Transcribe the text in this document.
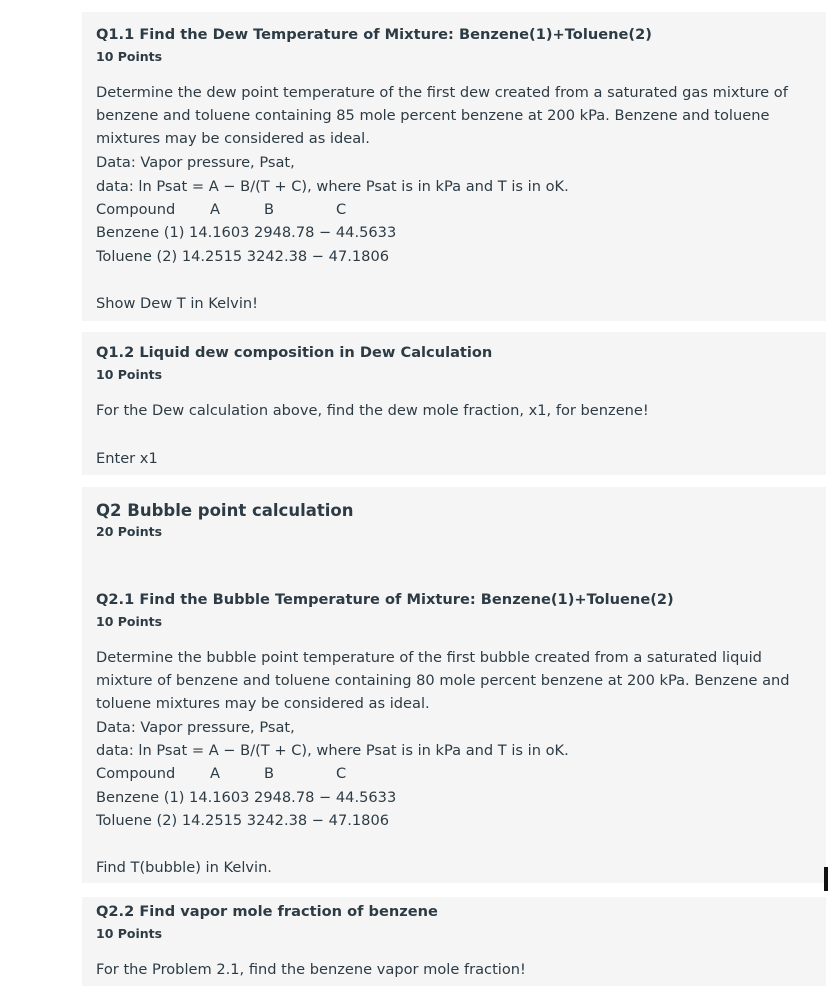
Q1.1 Find the Dew Temperature of Mixture: Benzene(1)+Toluene(2)
10 Points
Determine the dew point temperature of the first dew created from a saturated gas mixture of
benzene and toluene containing 85 mole percent benzene at 200 kPa. Benzene and toluene
mixtures may be considered as ideal.
Data: Vapor pressure, Psat,
data: ln Psat = A − B/(T + C), where Psat is in kPa and T is in oK.
Compound A	B	C
Benzene (1) 14.1603 2948.78 − 44.5633
Toluene (2) 14.2515 3242.38 − 47.1806
Show Dew T in Kelvin!
Q1.2 Liquid dew composition in Dew Calculation
10 Points
For the Dew calculation above, find the dew mole fraction, x1, for benzene!
Enter x1
Q2 Bubble point calculation
20 Points
Q2.1 Find the Bubble Temperature of Mixture: Benzene(1)+Toluene(2)
10 Points
Determine the bubble point temperature of the first bubble created from a saturated liquid
mixture of benzene and toluene containing 80 mole percent benzene at 200 kPa. Benzene and
toluene mixtures may be considered as ideal.
Data: Vapor pressure, Psat,
data: ln Psat = A − B/(T + C), where Psat is in kPa and T is in oK.
Compound A	B	C
Benzene (1) 14.1603 2948.78 − 44.5633
Toluene (2) 14.2515 3242.38 − 47.1806
Find T(bubble) in Kelvin.
Q2.2 Find vapor mole fraction of benzene
10 Points
For the Problem 2.1, find the benzene vapor mole fraction!
